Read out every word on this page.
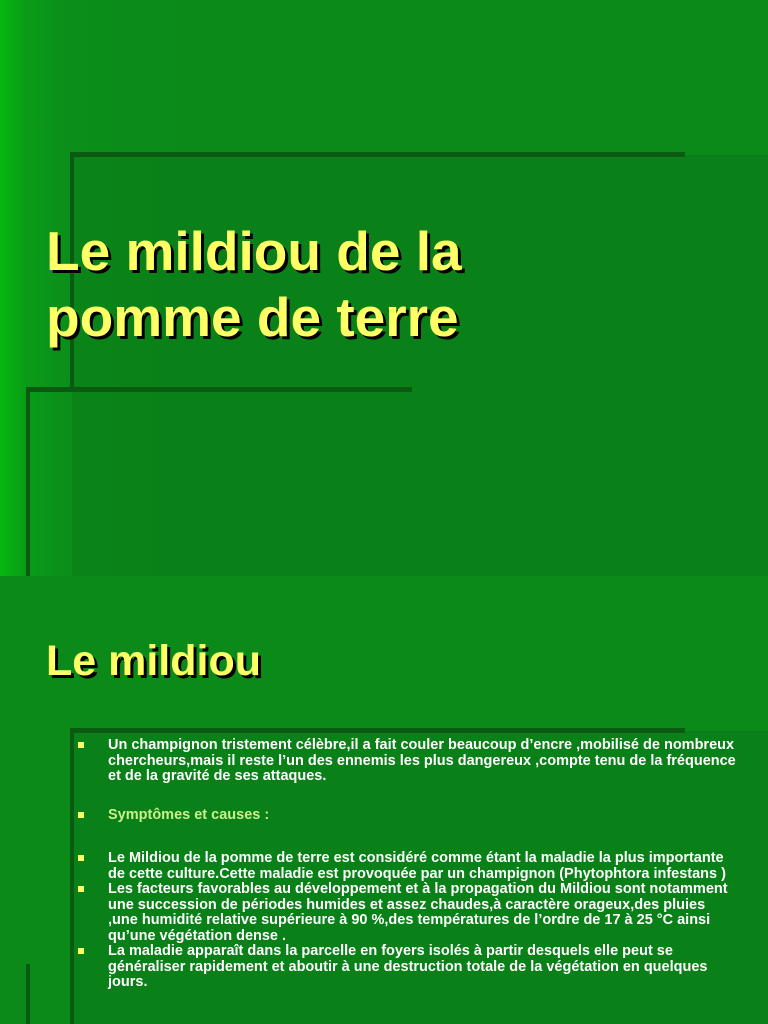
Le mildiou de la
pomme de terre
Le mildiou
Un champignon tristement célèbre,il a fait couler beaucoup d’encre ,mobilisé de nombreux chercheurs,mais il reste l’un des ennemis les plus dangereux ,compte tenu de la fréquence et de la gravité de ses attaques.
Symptômes et causes :
Le Mildiou de la pomme de terre est considéré comme étant la maladie la plus importante de cette culture.Cette maladie est provoquée par un champignon (Phytophtora infestans )
Les facteurs favorables au développement et à la propagation du Mildiou sont notamment une succession de périodes humides et assez chaudes,à caractère orageux,des pluies ,une humidité relative supérieure à 90 %,des températures de l’ordre de 17 à 25 °C ainsi qu’une végétation dense .
La maladie apparaît dans la parcelle en foyers isolés à partir desquels elle peut se généraliser rapidement et aboutir à une destruction totale de la végétation en quelques jours.
